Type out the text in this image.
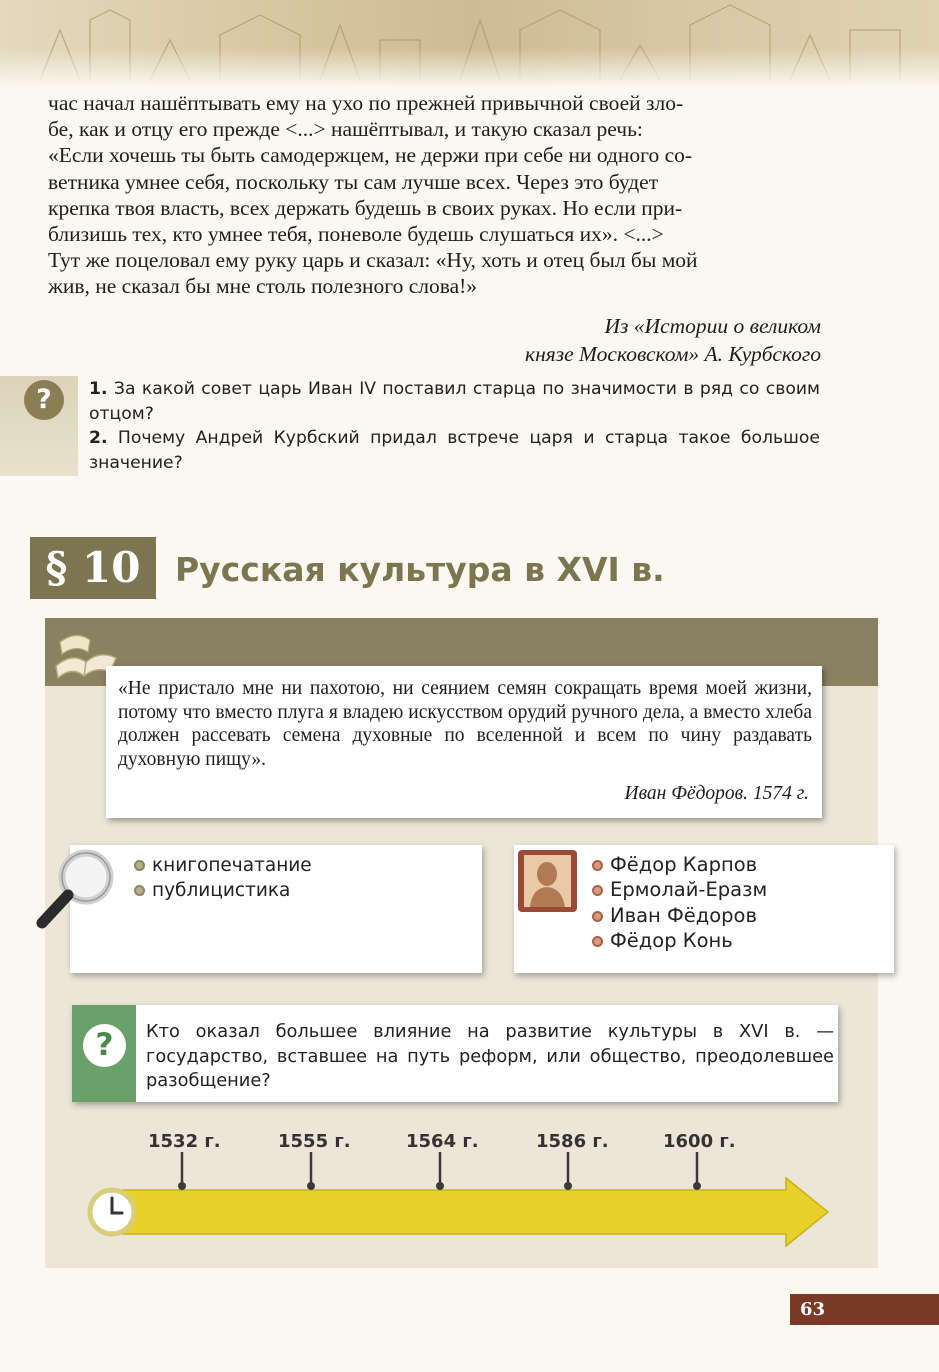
час начал нашёптывать ему на ухо по прежней привычной своей зло-

бе, как и отцу его прежде <...> нашёптывал, и такую сказал речь:

«Если хочешь ты быть самодержцем, не держи при себе ни одного со-

ветника умнее себя, поскольку ты сам лучше всех. Через это будет

крепка твоя власть, всех держать будешь в своих руках. Но если при-

близишь тех, кто умнее тебя, поневоле будешь слушаться их». <...>

Тут же поцеловал ему руку царь и сказал: «Ну, хоть и отец был бы мой

жив, не сказал бы мне столь полезного слова!»

Из «Истории о великом
князе Московском» А. Курбского
?	1. За какой совет царь Иван IV поставил старца по значимости в ряд со своим отцом?

2. Почему Андрей Курбский придал встрече царя и старца такое большое значение?

§ 10	Русская культура в XVI в.
«Не пристало мне ни пахотою, ни сеянием семян сокращать время моей жизни, потому что вместо плуга я владею искусством орудий ручного дела, а вместо хлеба должен рассевать семена духовные по вселенной и всем по чину раздавать духовную пищу».
Иван Фёдоров. 1574 г.
книгопечатание
публицистика
Фёдор Карпов
Ермолай-Еразм
Иван Фёдоров
Фёдор Конь
?	Кто оказал большее влияние на развитие культуры в XVI в. — государство, вставшее на путь реформ, или общество, преодолевшее разобщение?
1532 г.	1555 г.	1564 г.	1586 г.	1600 г.
63
